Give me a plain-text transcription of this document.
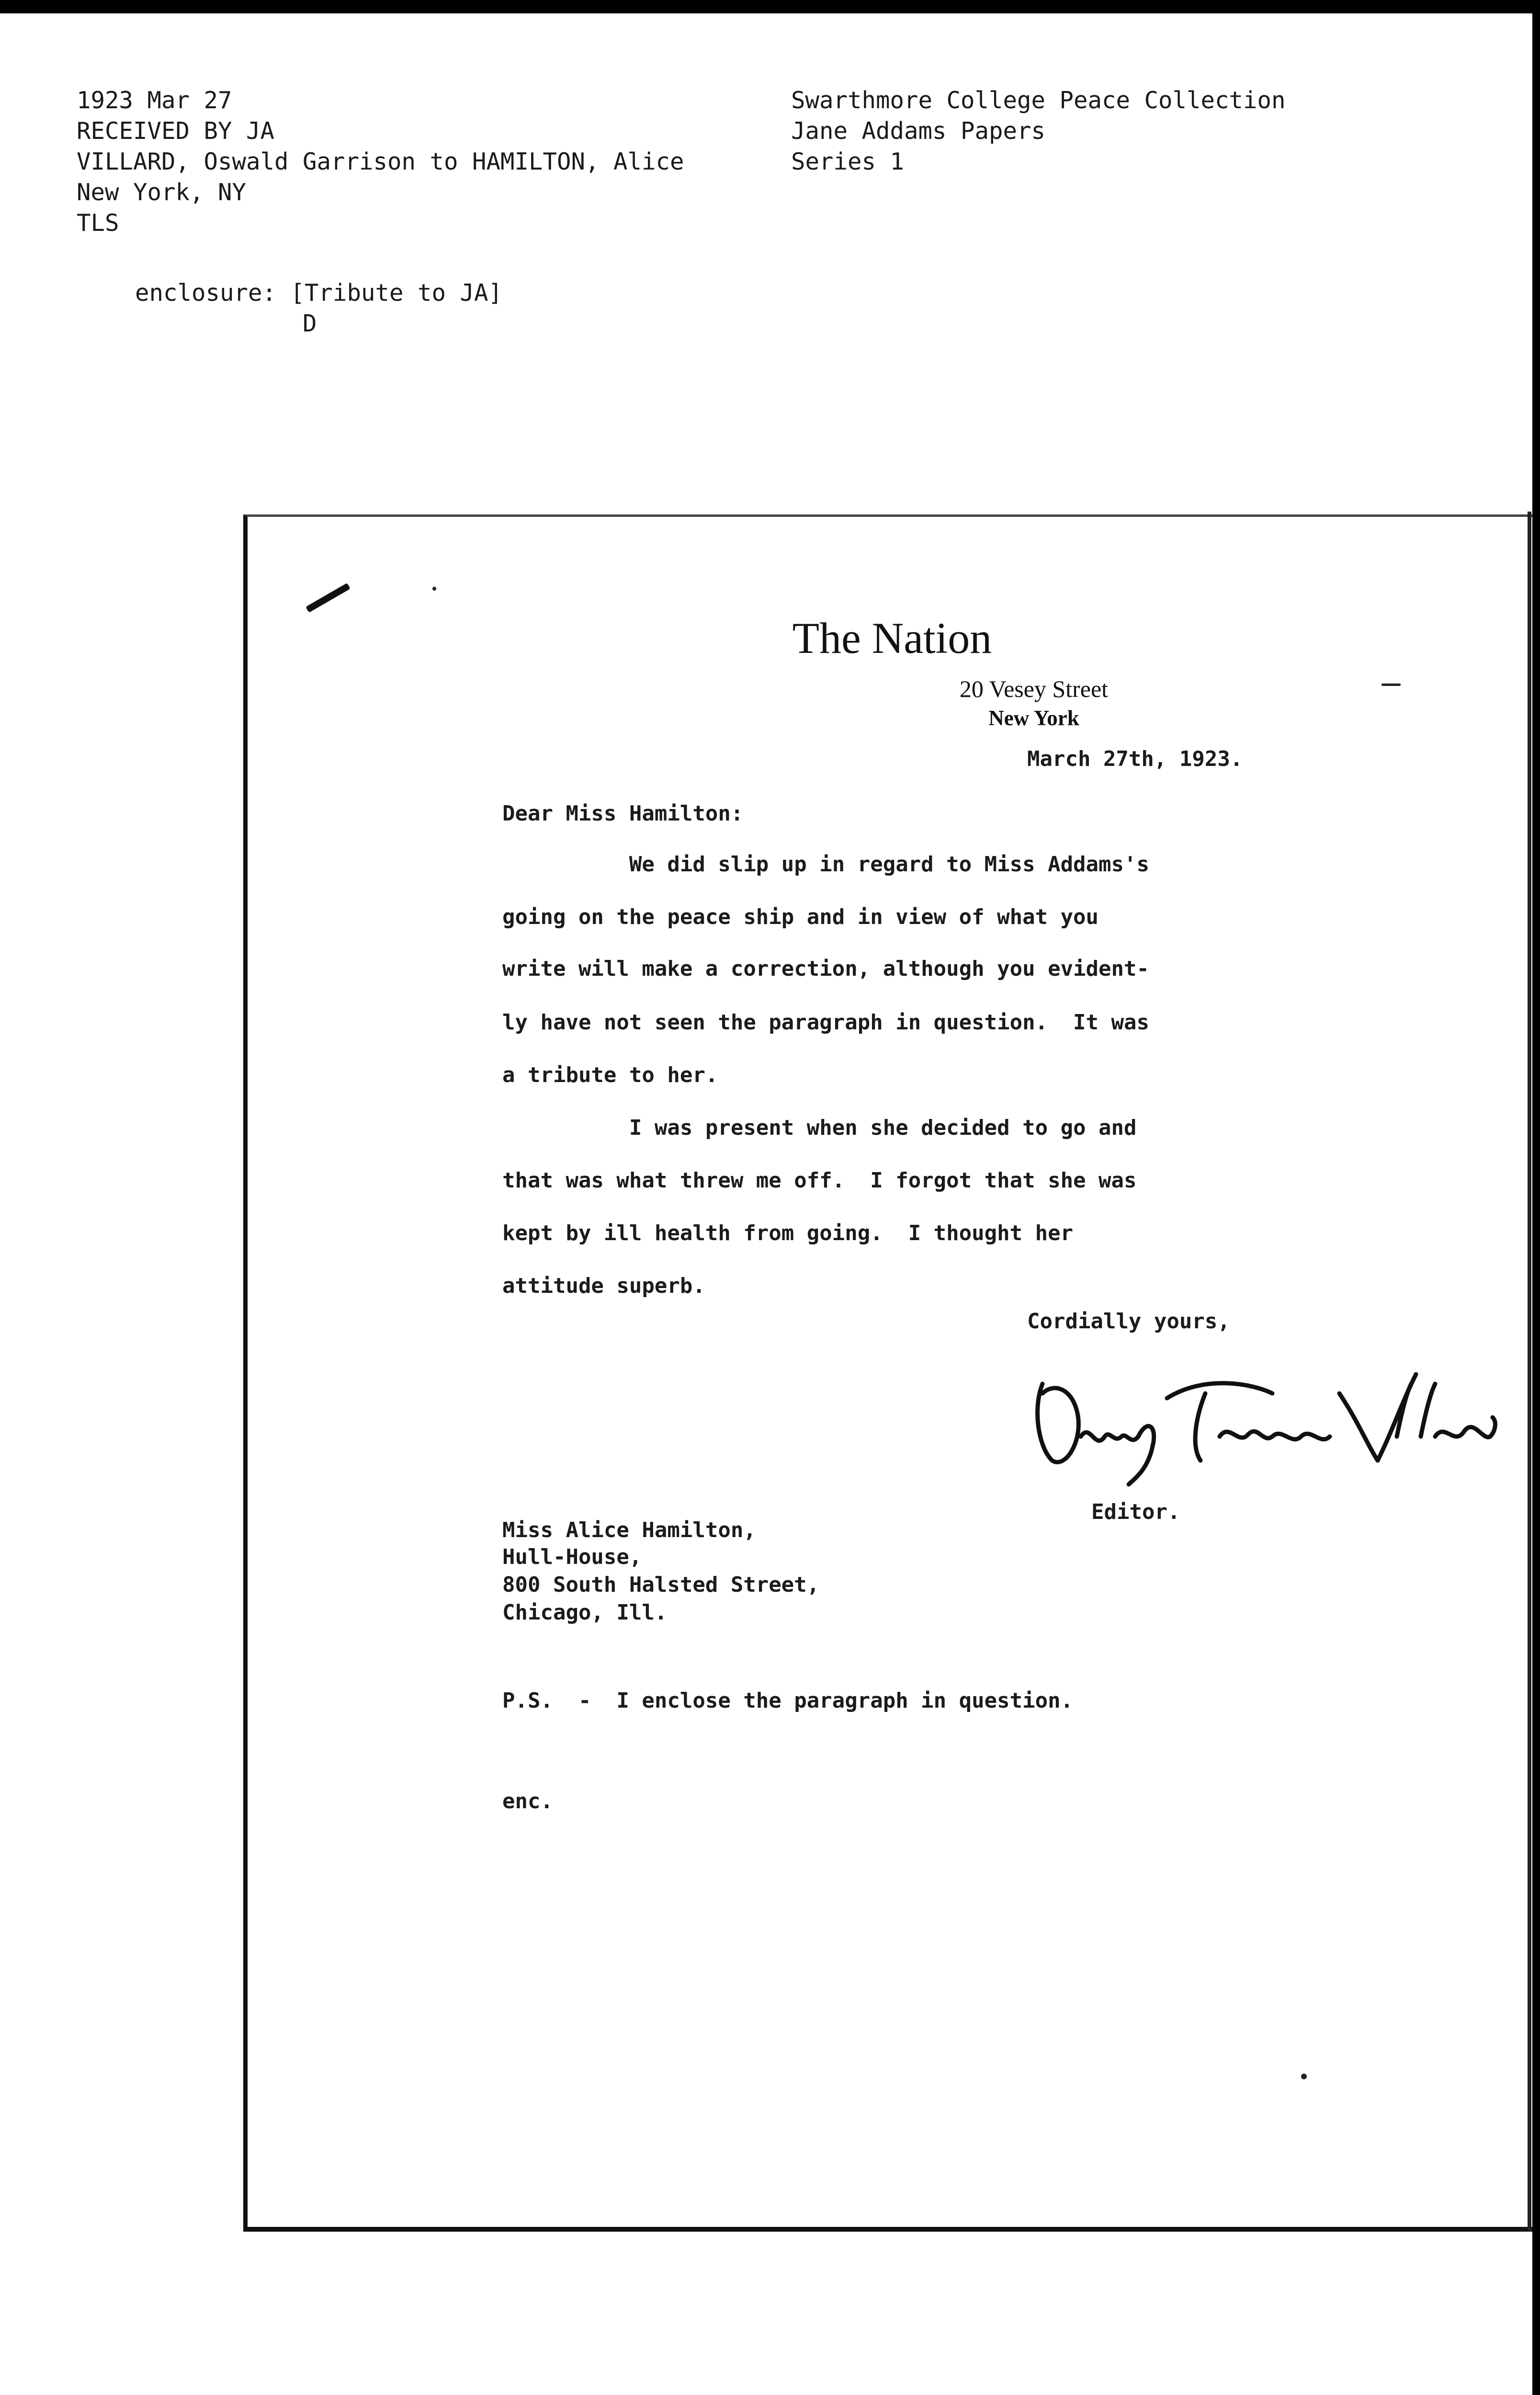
1923 Mar 27
RECEIVED BY JA
VILLARD, Oswald Garrison to HAMILTON, Alice
New York, NY
TLS
Swarthmore College Peace Collection
Jane Addams Papers
Series 1
enclosure: [Tribute to JA]
D
The Nation
20 Vesey Street
New York
March 27th, 1923.
Dear Miss Hamilton:
We did slip up in regard to Miss Addams's
going on the peace ship and in view of what you
write will make a correction, although you evident-
ly have not seen the paragraph in question.  It was
a tribute to her.
I was present when she decided to go and
that was what threw me off.  I forgot that she was
kept by ill health from going.  I thought her
attitude superb.
Cordially yours,
Editor.
Miss Alice Hamilton,
Hull-House,
800 South Halsted Street,
Chicago, Ill.
P.S.  -  I enclose the paragraph in question.
enc.
